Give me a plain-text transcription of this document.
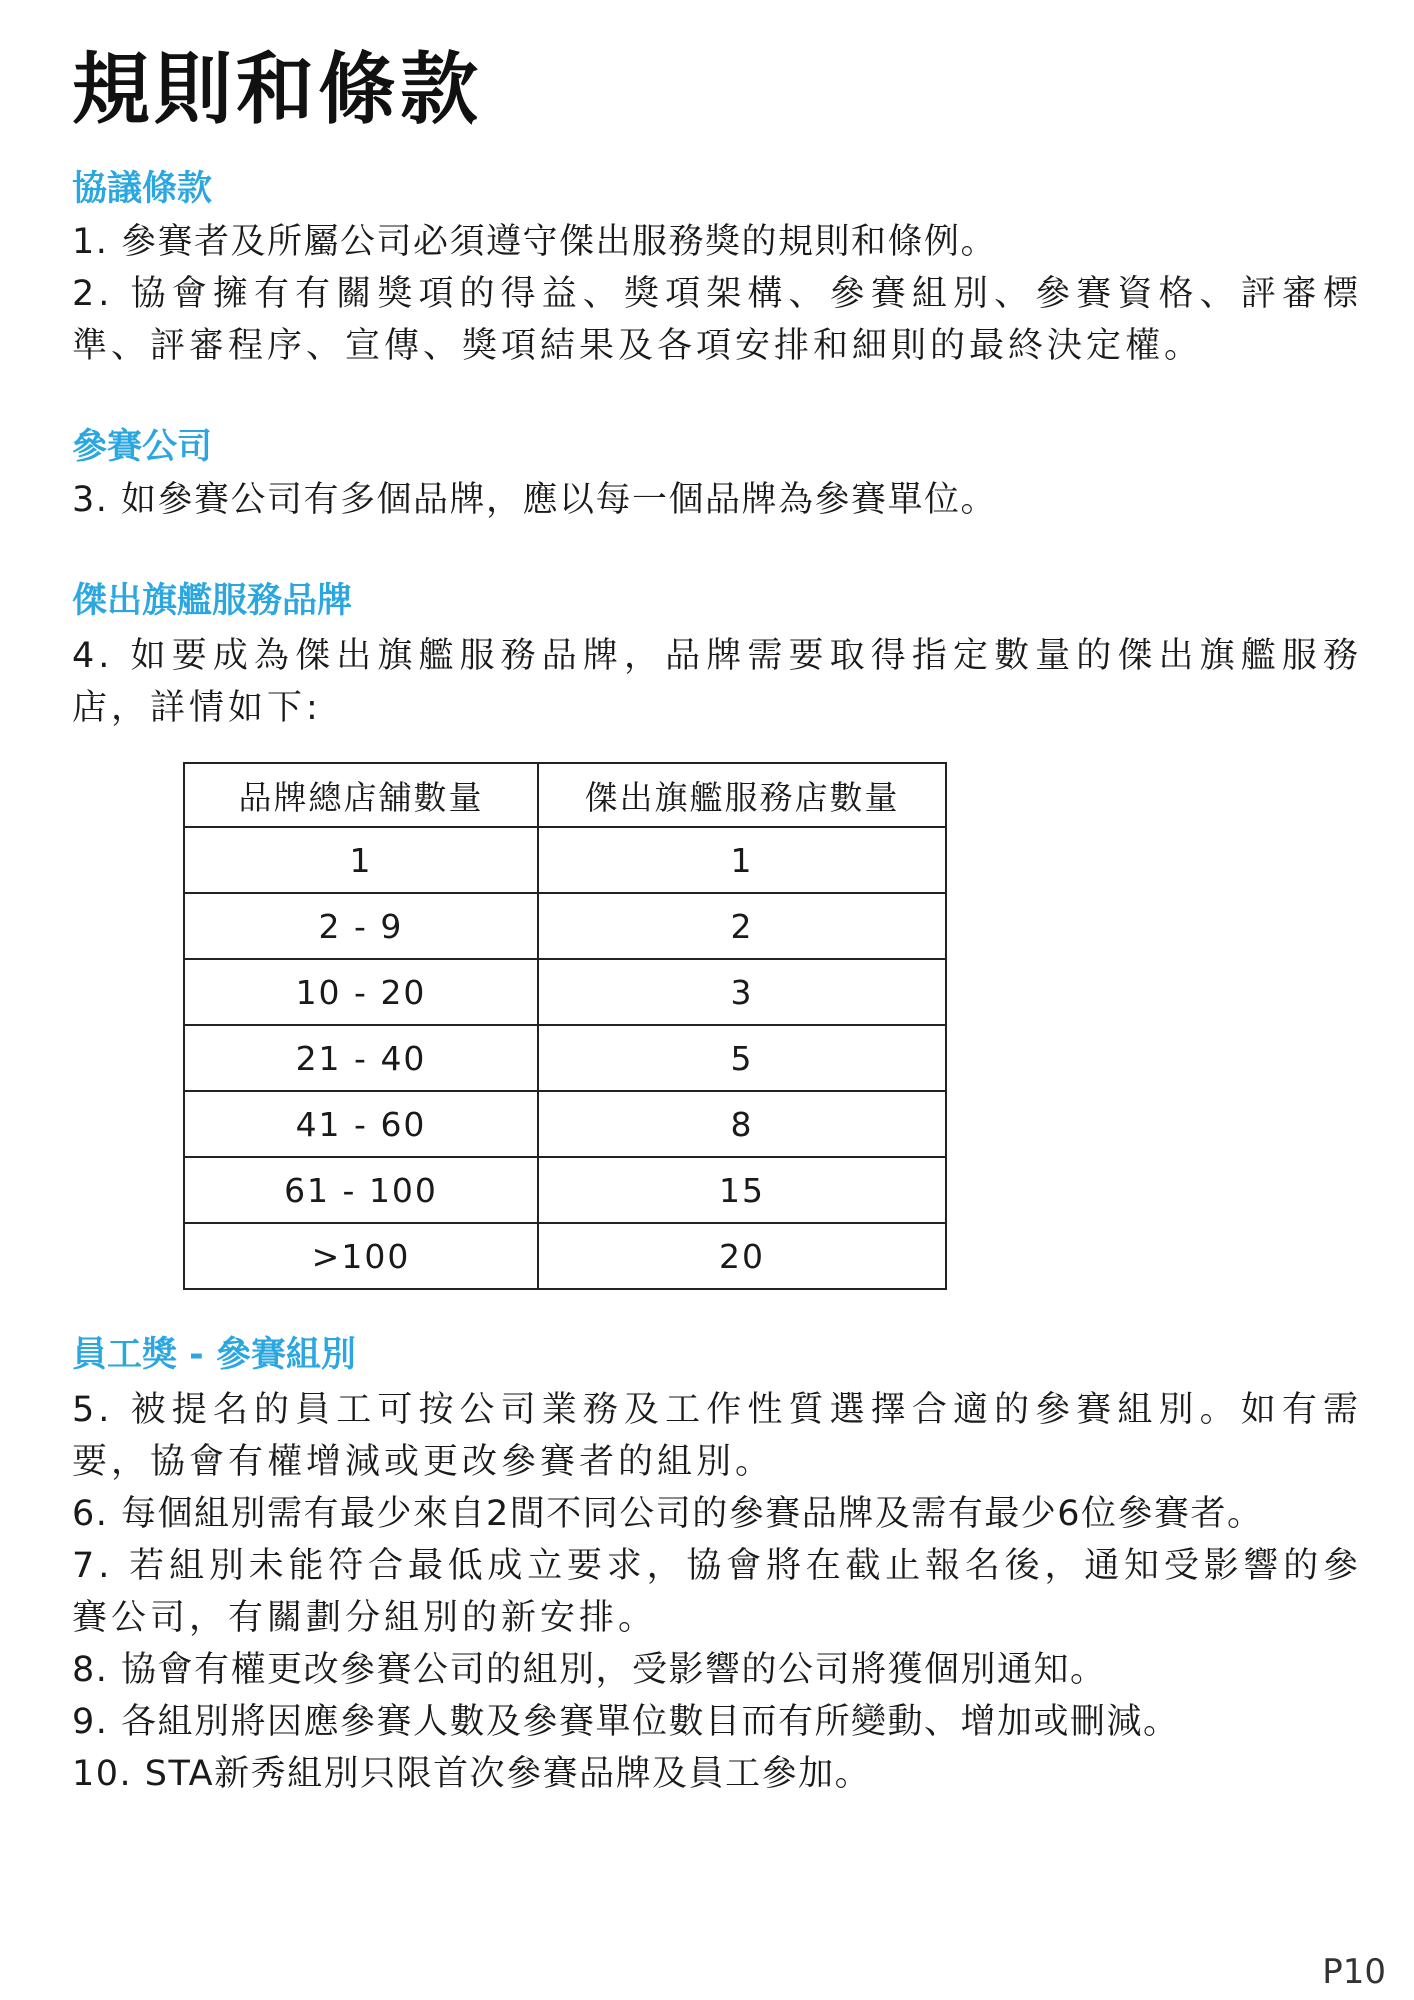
規則和條款
協議條款

1. 參賽者及所屬公司必須遵守傑出服務獎的規則和條例。

2. 協會擁有有關獎項的得益、獎項架構、參賽組別、參賽資格、評審標準、評審程序、宣傳、獎項結果及各項安排和細則的最終決定權。

參賽公司

3. 如參賽公司有多個品牌，應以每一個品牌為參賽單位。

傑出旗艦服務品牌

4. 如要成為傑出旗艦服務品牌，品牌需要取得指定數量的傑出旗艦服務店，詳情如下:

品牌總店舖數量	傑出旗艦服務店數量
1	1
2 - 9	2
10 - 20	3
21 - 40	5
41 - 60	8
61 - 100	15
>100	20
員工獎 - 參賽組別

5. 被提名的員工可按公司業務及工作性質選擇合適的參賽組別。如有需要，協會有權增減或更改參賽者的組別。

6. 每個組別需有最少來自2間不同公司的參賽品牌及需有最少6位參賽者。

7. 若組別未能符合最低成立要求，協會將在截止報名後，通知受影響的參賽公司，有關劃分組別的新安排。

8. 協會有權更改參賽公司的組別，受影響的公司將獲個別通知。

9. 各組別將因應參賽人數及參賽單位數目而有所變動、增加或刪減。

10. STA新秀組別只限首次參賽品牌及員工參加。

P10
